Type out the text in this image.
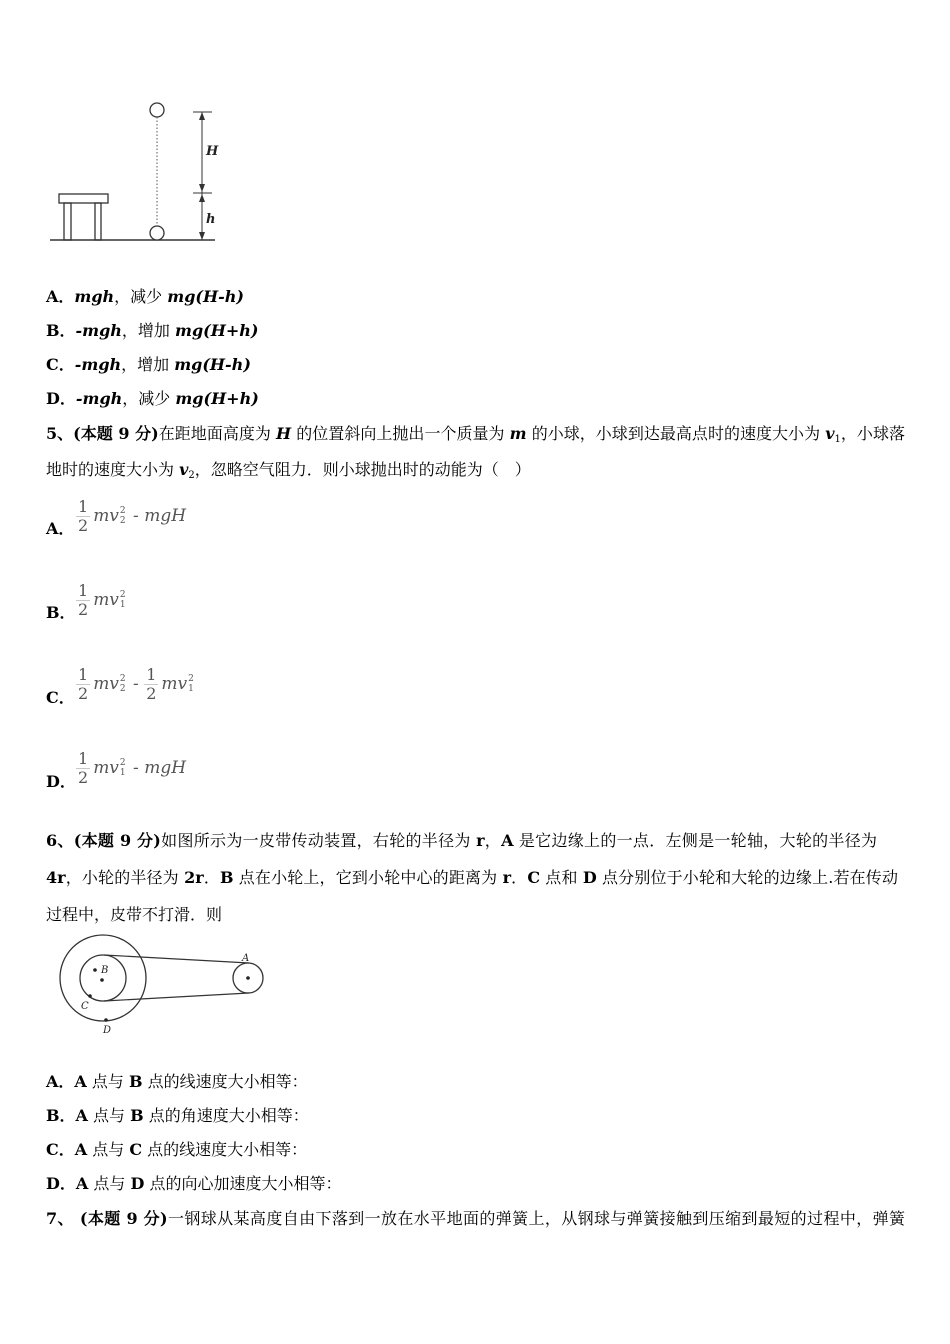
H
h
A．mgh，减少 mg(H-h)
B．-mgh，增加 mg(H+h)
C．-mgh，增加 mg(H-h)
D．-mgh，减少 mg(H+h)
5、(本题 9 分)在距地面高度为 H 的位置斜向上抛出一个质量为 m 的小球，小球到达最高点时的速度大小为 $v_1$，小球落
地时的速度大小为 $v_2$，忽略空气阻力．则小球抛出时的动能为（　）
A． $\frac{1}{2}$ mv 2
2 - mgH
B． $\frac{1}{2}$ mv 2
1
C． $\frac{1}{2}$ mv 2
$2 - \frac{1}{2}$ mv 2
1
D． $\frac{1}{2}$ mv 2
1 - mgH
6、(本题 9 分)如图所示为一皮带传动装置，右轮的半径为 r，A 是它边缘上的一点．左侧是一轮轴，大轮的半径为
4r，小轮的半径为 2r．B 点在小轮上，它到小轮中心的距离为 r．C 点和 D 点分别位于小轮和大轮的边缘上.若在传动
过程中，皮带不打滑．则
B
A
C
D
A．A 点与 B 点的线速度大小相等：
B．A 点与 B 点的角速度大小相等：
C．A 点与 C 点的线速度大小相等：
D．A 点与 D 点的向心加速度大小相等：
7、 (本题 9 分)一钢球从某高度自由下落到一放在水平地面的弹簧上，从钢球与弹簧接触到压缩到最短的过程中，弹簧
